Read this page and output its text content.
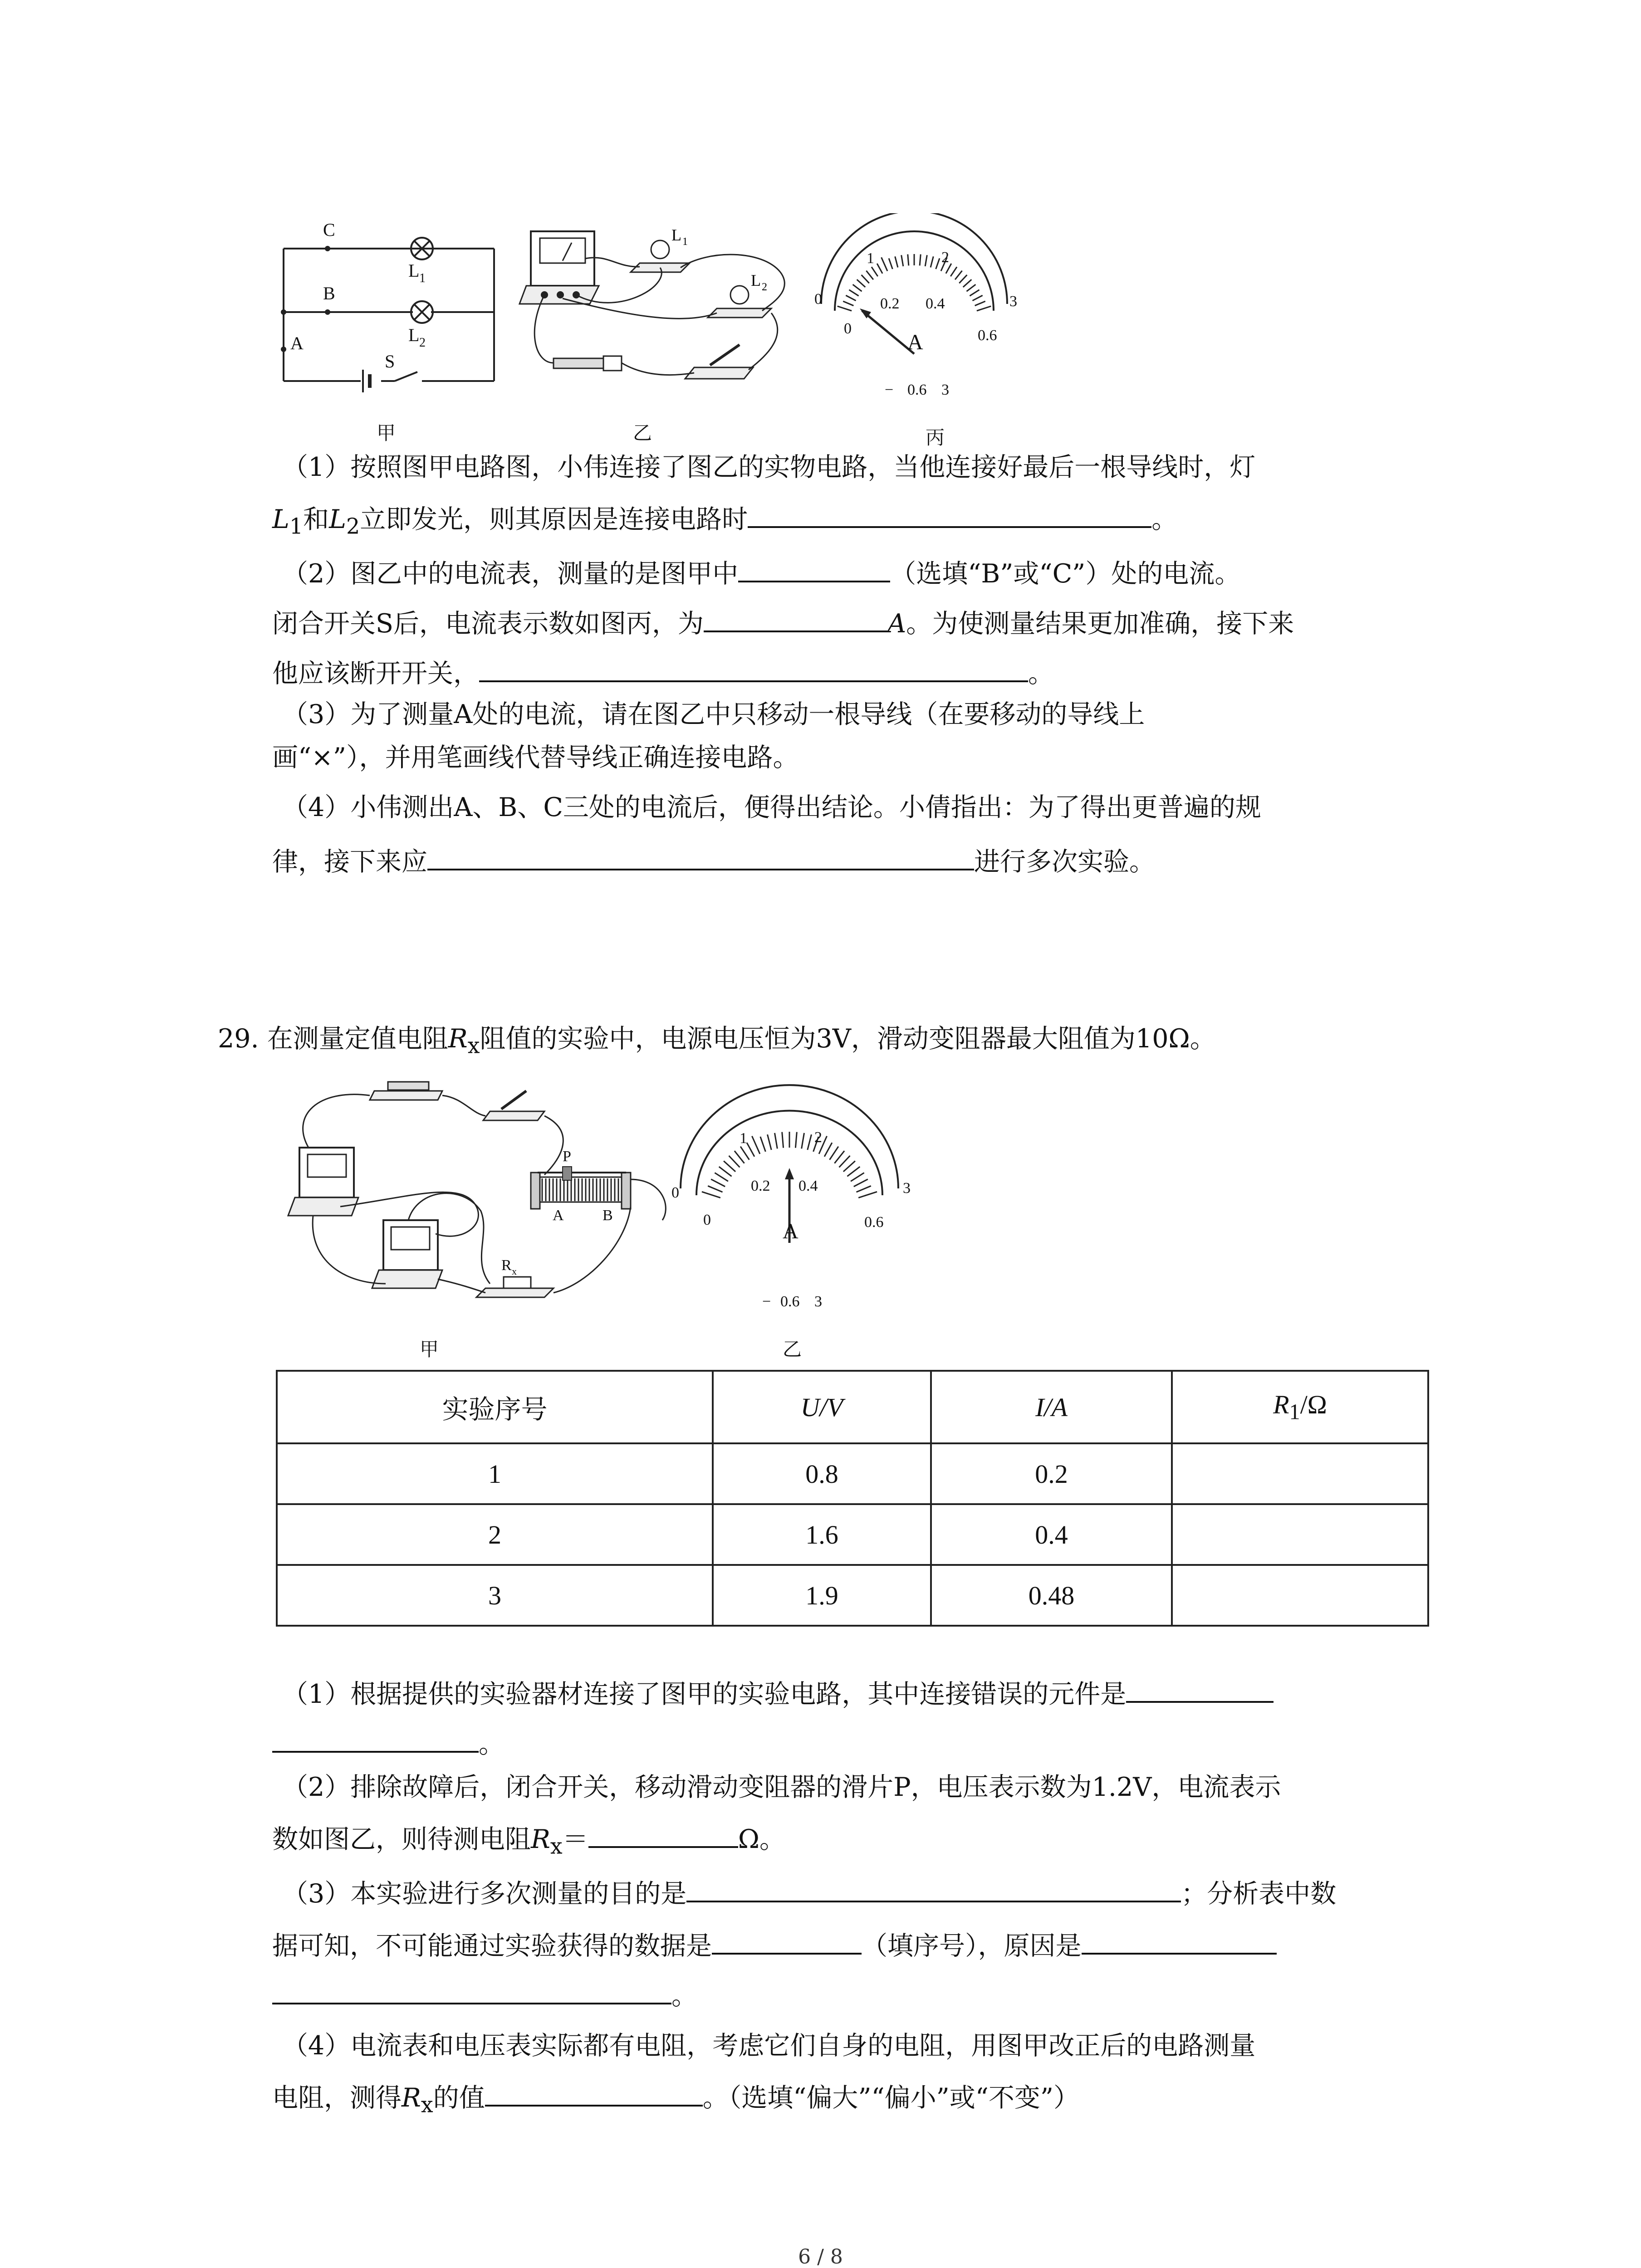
C
B
A
S
L 1
L 2
L 1
L 2
0
1	2
3
0
0.2 0.4
0.6
A
− 0.6 3
甲	乙	丙
（1）按照图甲电路图，小伟连接了图乙的实物电路，当他连接好最后一根导线时，灯
$L_1$和$L_2$立即发光，则其原因是连接电路时	。
（2）图乙中的电流表，测量的是图甲中	（选填“B”或“C”）处的电流。
闭合开关S后，电流表示数如图丙，为	A。为使测量结果更加准确，接下来
他应该断开开关，	。
（3）为了测量A处的电流，请在图乙中只移动一根导线（在要移动的导线上
画“×”），并用笔画线代替导线正确连接电路。
（4）小伟测出A、B、C三处的电流后，便得出结论。小倩指出：为了得出更普遍的规
律，接下来应	进行多次实验。
29. 在测量定值电阻$R_x$阻值的实验中，电源电压恒为3V，滑动变阻器最大阻值为10Ω。
P
A	B
R x
0
1	2
3
0
0.2 0.4
0.6
A
− 0.6 3
甲	乙
实验序号	U/V	I/A	$R_1/\Omega$
1	0.8	0.2	
2	1.6	0.4	
3	1.9	0.48	
（1）根据提供的实验器材连接了图甲的实验电路，其中连接错误的元件是
。
（2）排除故障后，闭合开关，移动滑动变阻器的滑片P，电压表示数为1.2V，电流表示
数如图乙，则待测电阻$R_x=$	Ω。
（3）本实验进行多次测量的目的是	；分析表中数
据可知，不可能通过实验获得的数据是	（填序号），原因是
。
（4）电流表和电压表实际都有电阻，考虑它们自身的电阻，用图甲改正后的电路测量
电阻，测得$R_x$的值	。（选填“偏大”“偏小”或“不变”）
6 / 8
